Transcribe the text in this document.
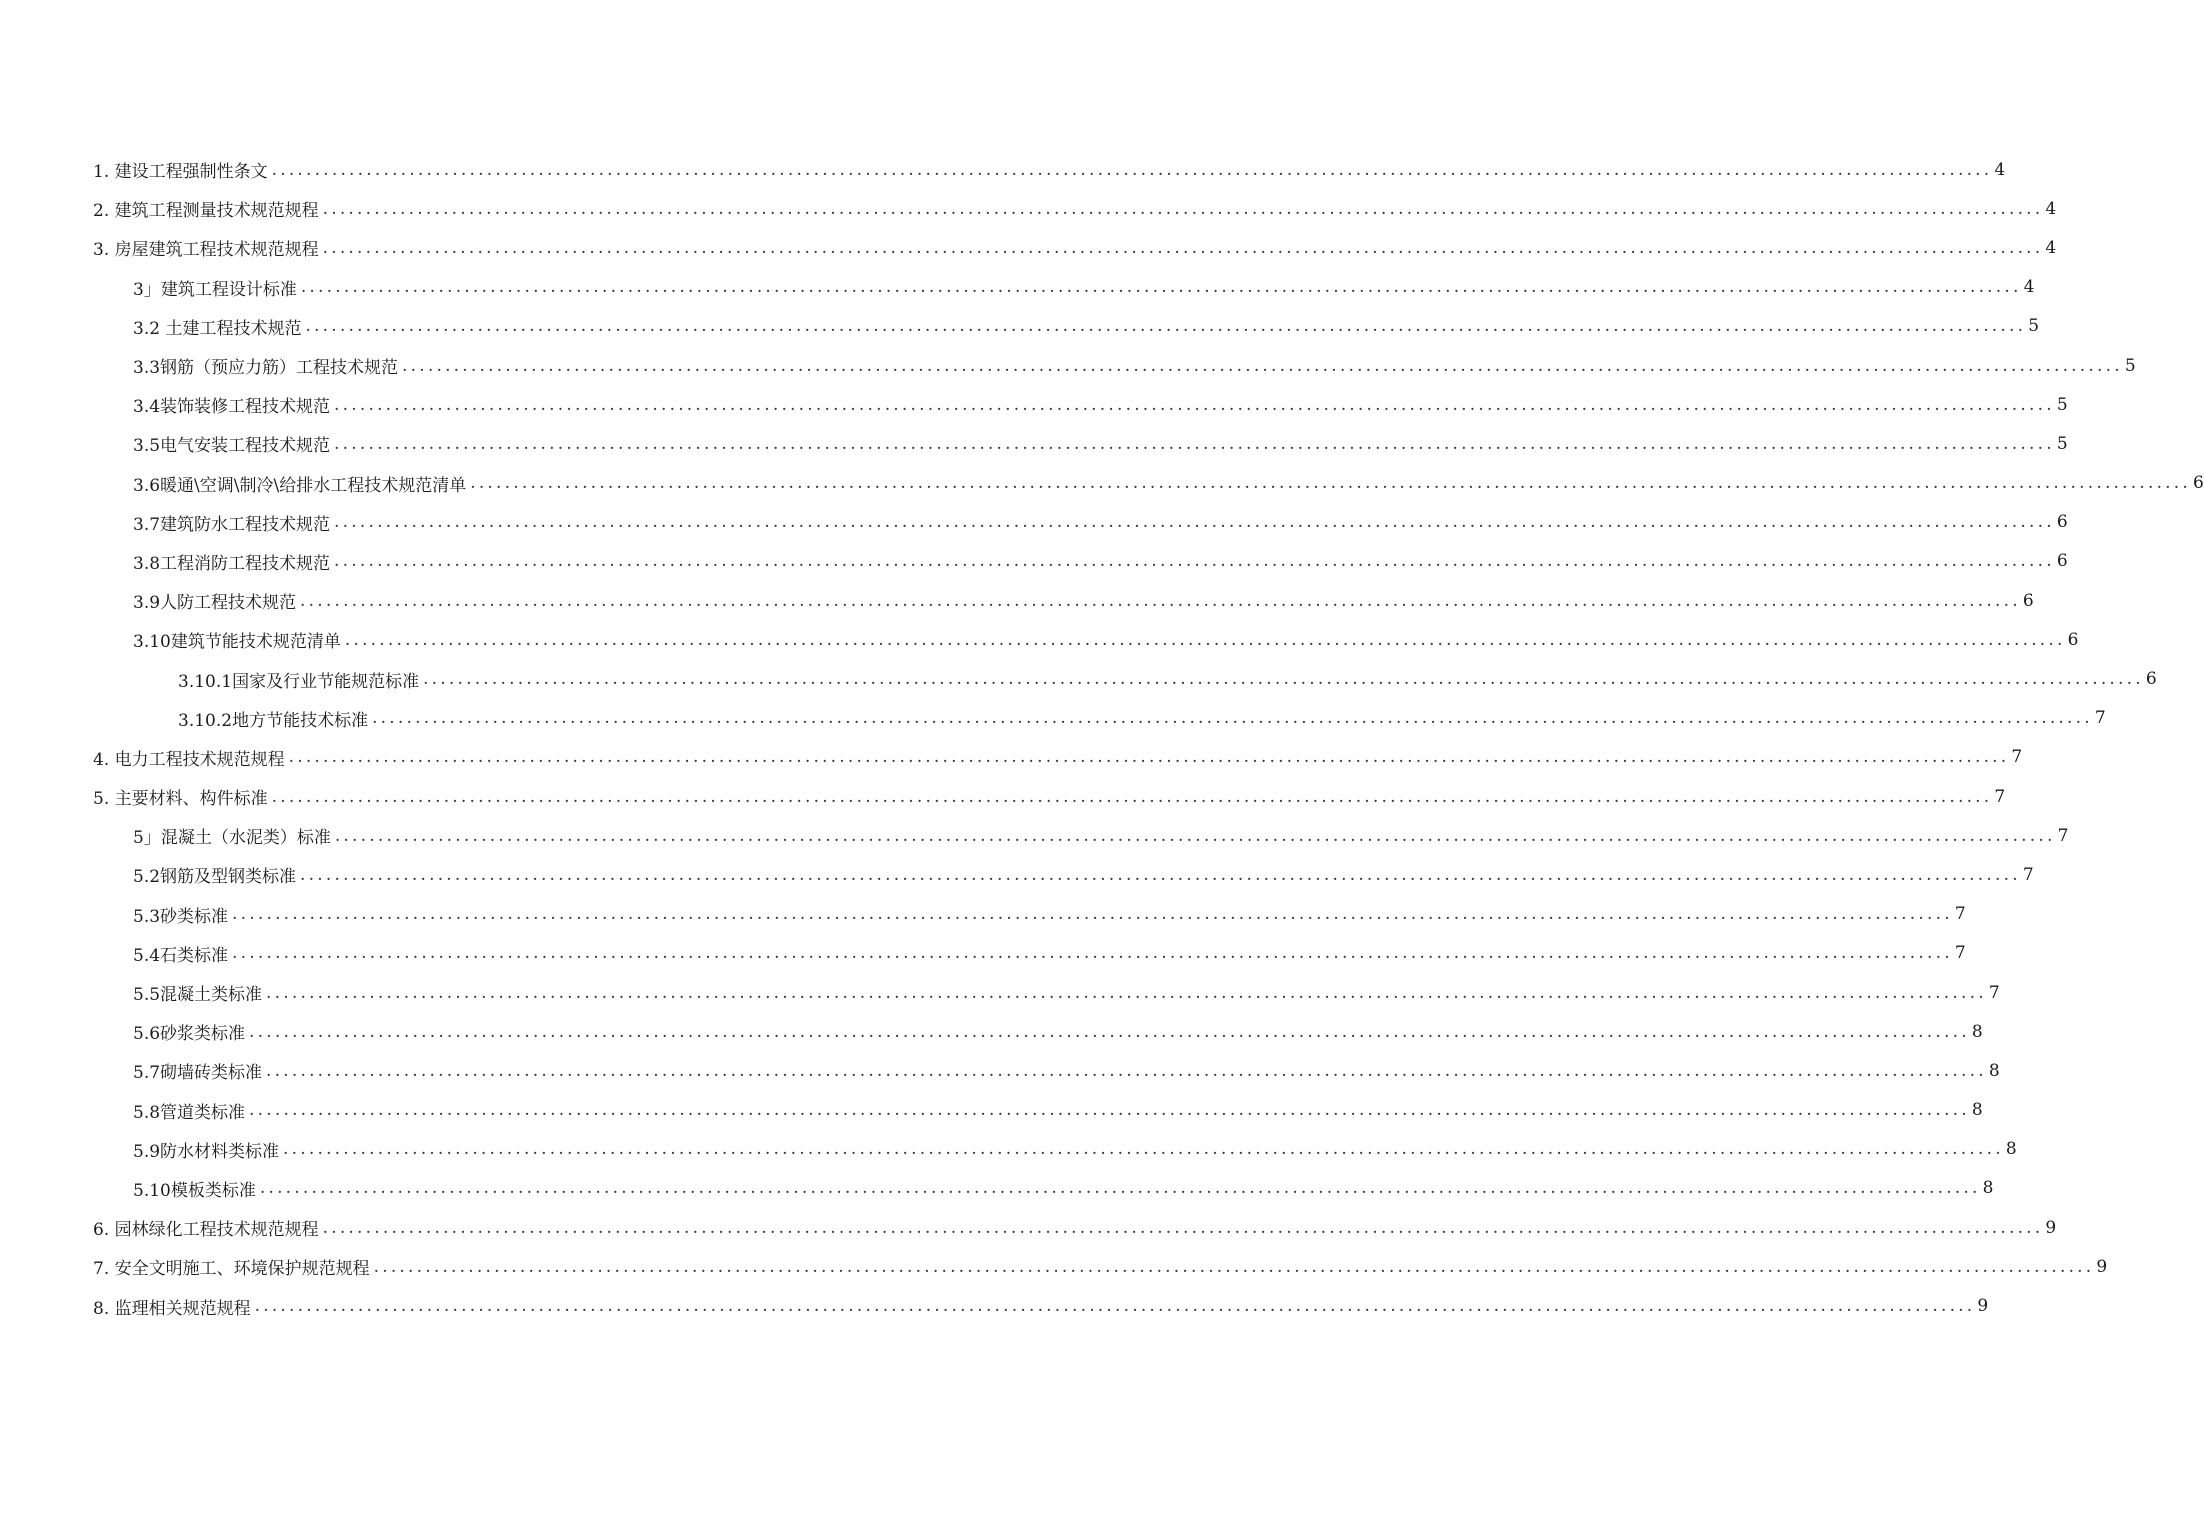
1. 建设工程强制性条文 ........................................................................................................................................................................................................ 4
2. 建筑工程测量技术规范规程 ........................................................................................................................................................................................................ 4
3. 房屋建筑工程技术规范规程 ........................................................................................................................................................................................................ 4
3」建筑工程设计标准 ........................................................................................................................................................................................................ 4
3.2 土建工程技术规范 ........................................................................................................................................................................................................ 5
3.3钢筋（预应力筋）工程技术规范 ........................................................................................................................................................................................................ 5
3.4装饰装修工程技术规范 ........................................................................................................................................................................................................ 5
3.5电气安装工程技术规范 ........................................................................................................................................................................................................ 5
3.6暖通\空调\制冷\给排水工程技术规范清单 ........................................................................................................................................................................................................ 6
3.7建筑防水工程技术规范 ........................................................................................................................................................................................................ 6
3.8工程消防工程技术规范 ........................................................................................................................................................................................................ 6
3.9人防工程技术规范 ........................................................................................................................................................................................................ 6
3.10建筑节能技术规范清单 ........................................................................................................................................................................................................ 6
3.10.1国家及行业节能规范标准 ........................................................................................................................................................................................................ 6
3.10.2地方节能技术标准 ........................................................................................................................................................................................................ 7
4. 电力工程技术规范规程 ........................................................................................................................................................................................................ 7
5. 主要材料、构件标准 ........................................................................................................................................................................................................ 7
5」混凝土（水泥类）标准 ........................................................................................................................................................................................................ 7
5.2钢筋及型钢类标准 ........................................................................................................................................................................................................ 7
5.3砂类标准 ........................................................................................................................................................................................................ 7
5.4石类标准 ........................................................................................................................................................................................................ 7
5.5混凝土类标准 ........................................................................................................................................................................................................ 7
5.6砂浆类标准 ........................................................................................................................................................................................................ 8
5.7砌墙砖类标准 ........................................................................................................................................................................................................ 8
5.8管道类标准 ........................................................................................................................................................................................................ 8
5.9防水材料类标准 ........................................................................................................................................................................................................ 8
5.10模板类标准 ........................................................................................................................................................................................................ 8
6. 园林绿化工程技术规范规程 ........................................................................................................................................................................................................ 9
7. 安全文明施工、环境保护规范规程 ........................................................................................................................................................................................................ 9
8. 监理相关规范规程 ........................................................................................................................................................................................................ 9
